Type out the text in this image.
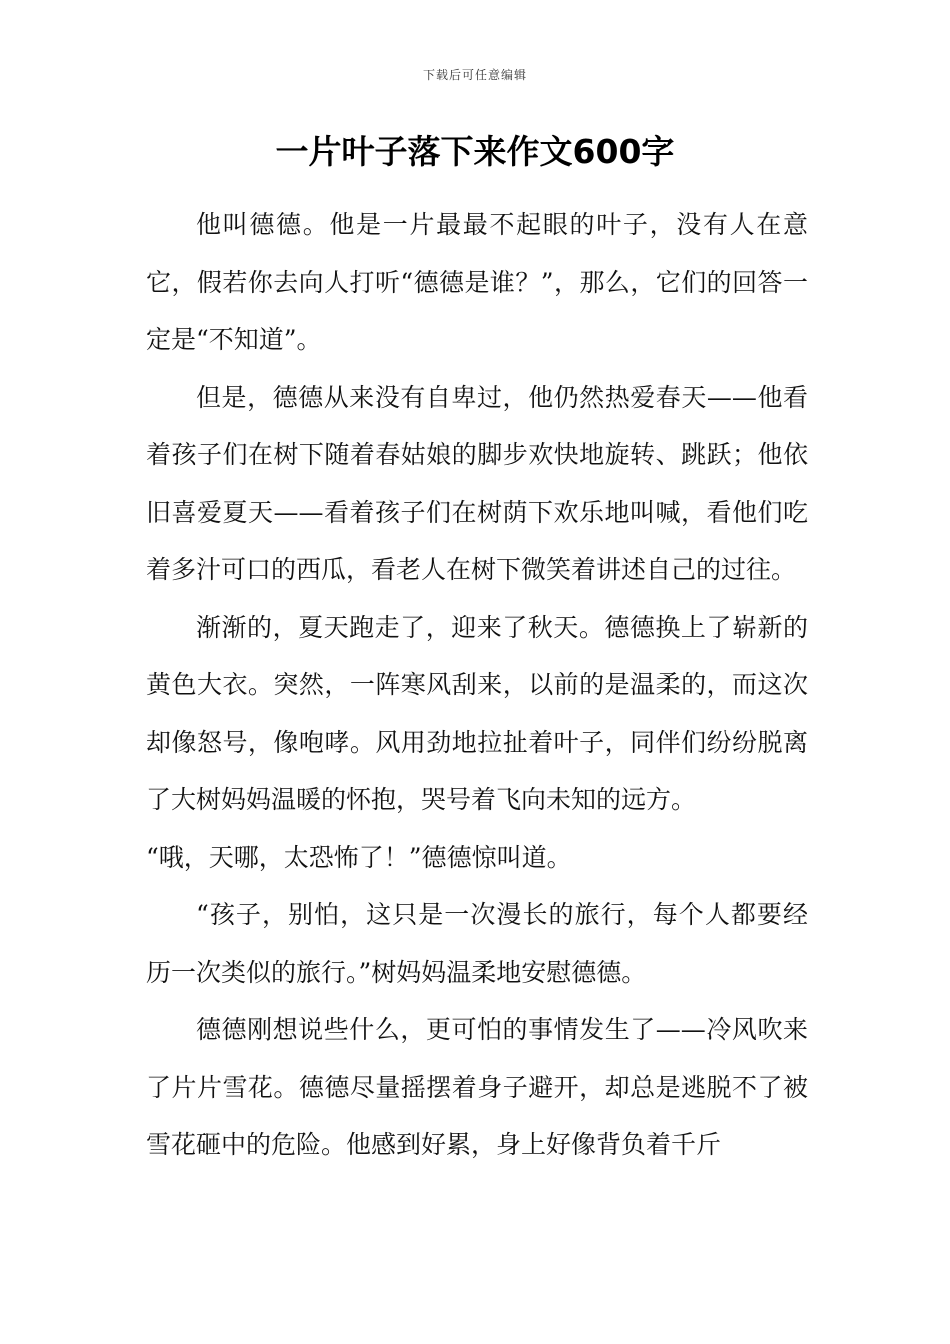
下载后可任意编辑
一片叶子落下来作文600字

他叫德德。他是一片最最不起眼的叶子，没有人在意它，假若你去向人打听“德德是谁？”，那么，它们的回答一定是“不知道”。

但是，德德从来没有自卑过，他仍然热爱春天——他看着孩子们在树下随着春姑娘的脚步欢快地旋转、跳跃；他依旧喜爱夏天——看着孩子们在树荫下欢乐地叫喊，看他们吃着多汁可口的西瓜，看老人在树下微笑着讲述自己的过往。

渐渐的，夏天跑走了，迎来了秋天。德德换上了崭新的黄色大衣。突然，一阵寒风刮来，以前的是温柔的，而这次却像怒号，像咆哮。风用劲地拉扯着叶子，同伴们纷纷脱离了大树妈妈温暖的怀抱，哭号着飞向未知的远方。

“哦，天哪，太恐怖了！”德德惊叫道。

“孩子，别怕，这只是一次漫长的旅行，每个人都要经历一次类似的旅行。”树妈妈温柔地安慰德德。

德德刚想说些什么，更可怕的事情发生了——冷风吹来了片片雪花。德德尽量摇摆着身子避开，却总是逃脱不了被雪花砸中的危险。他感到好累，身上好像背负着千斤
